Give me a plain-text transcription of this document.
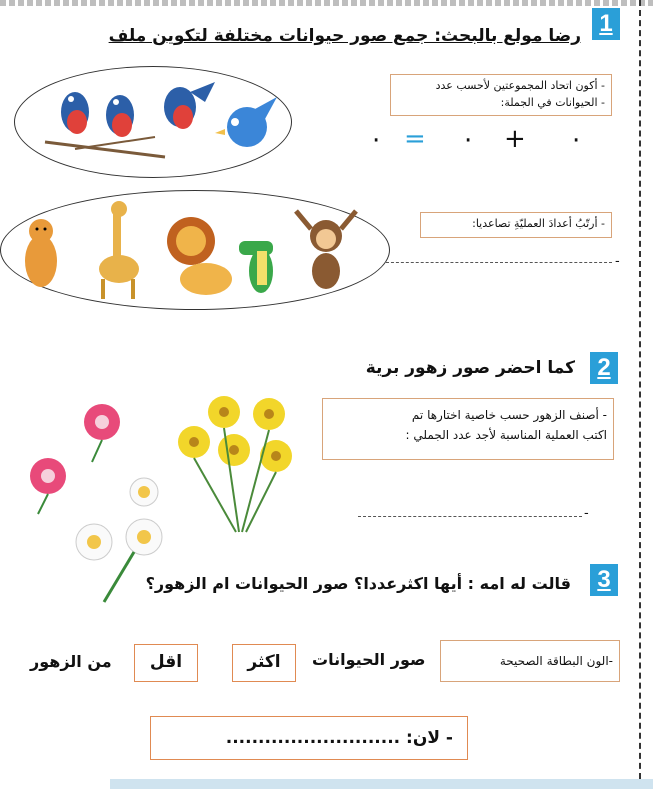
1
رضا مولع بالبحث: جمع صور حيوانات مختلفة لتكوين ملف
- أكون اتحاد المجموعتين لأحسب عدد
- الحيوانات في الجملة:
· = · + ·
- أرتّبُ أعدادَ العمليّةِ تصاعديا:
-
2
كما احضر صور زهور برية
- أصنف الزهور حسب خاصية اختارها تم
اكتب العملية المناسبة لأجد عدد الجملي :
-
3
قالت له امه : أيها اكثرعددا؟ صور الحيوانات ام الزهور؟
-الون البطاقة الصحيحة
صور الحيوانات
اكثر
اقل
من الزهور
- لان: ...........................
